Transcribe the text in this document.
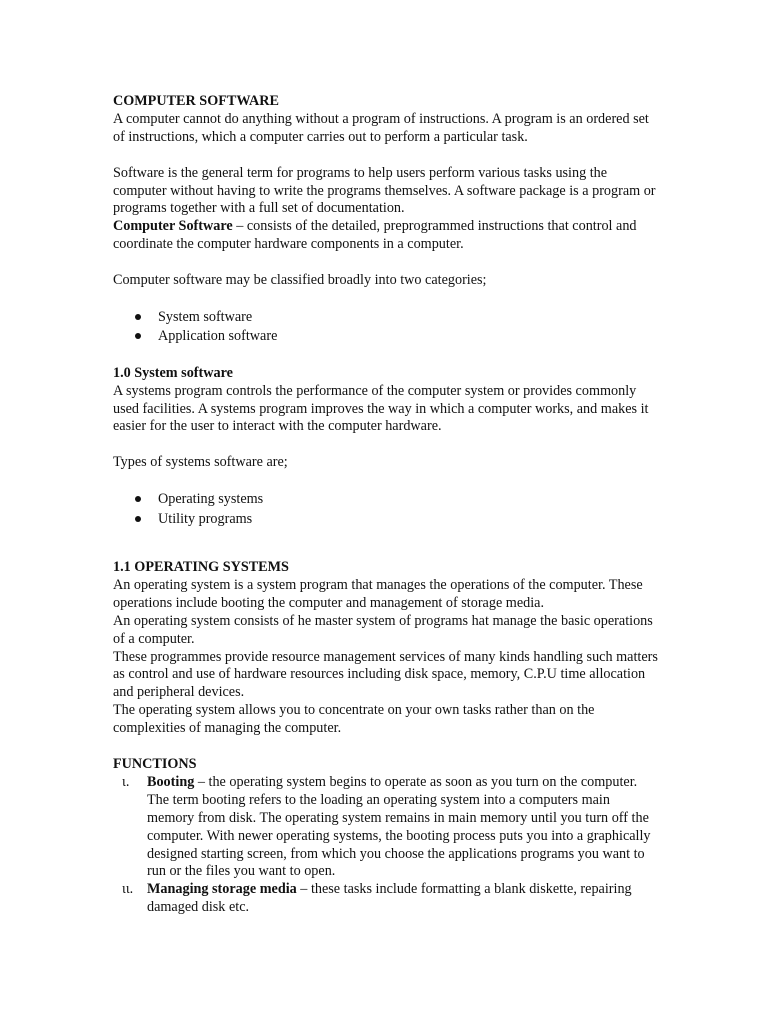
COMPUTER SOFTWARE

A computer cannot do anything without a program of instructions. A program is an ordered set of instructions, which a computer carries out to perform a particular task.

Software is the general term for programs to help users perform various tasks using the computer without having to write the programs themselves. A software package is a program or programs together with a full set of documentation.

Computer Software – consists of the detailed, preprogrammed instructions that control and coordinate the computer hardware components in a computer.

Computer software may be classified broadly into two categories;

System software
Application software
1.0 System software

A systems program controls the performance of the computer system or provides commonly used facilities. A systems program improves the way in which a computer works, and makes it easier for the user to interact with the computer hardware.

Types of systems software are;

Operating systems
Utility programs
1.1 OPERATING SYSTEMS

An operating system is a system program that manages the operations of the computer. These operations include booting the computer and management of storage media.

An operating system consists of he master system of programs hat manage the basic operations of a computer.

These programmes provide resource management services of many kinds handling such matters as control and use of hardware resources including disk space, memory, C.P.U time allocation and peripheral devices.

The operating system allows you to concentrate on your own tasks rather than on the complexities of managing the computer.

FUNCTIONS
ι. Booting – the operating system begins to operate as soon as you turn on the computer. The term booting refers to the loading an operating system into a computers main memory from disk. The operating system remains in main memory until you turn off the computer. With newer operating systems, the booting process puts you into a graphically designed starting screen, from which you choose the applications programs you want to run or the files you want to open.
ιι. Managing storage media – these tasks include formatting a blank diskette, repairing damaged disk etc.
